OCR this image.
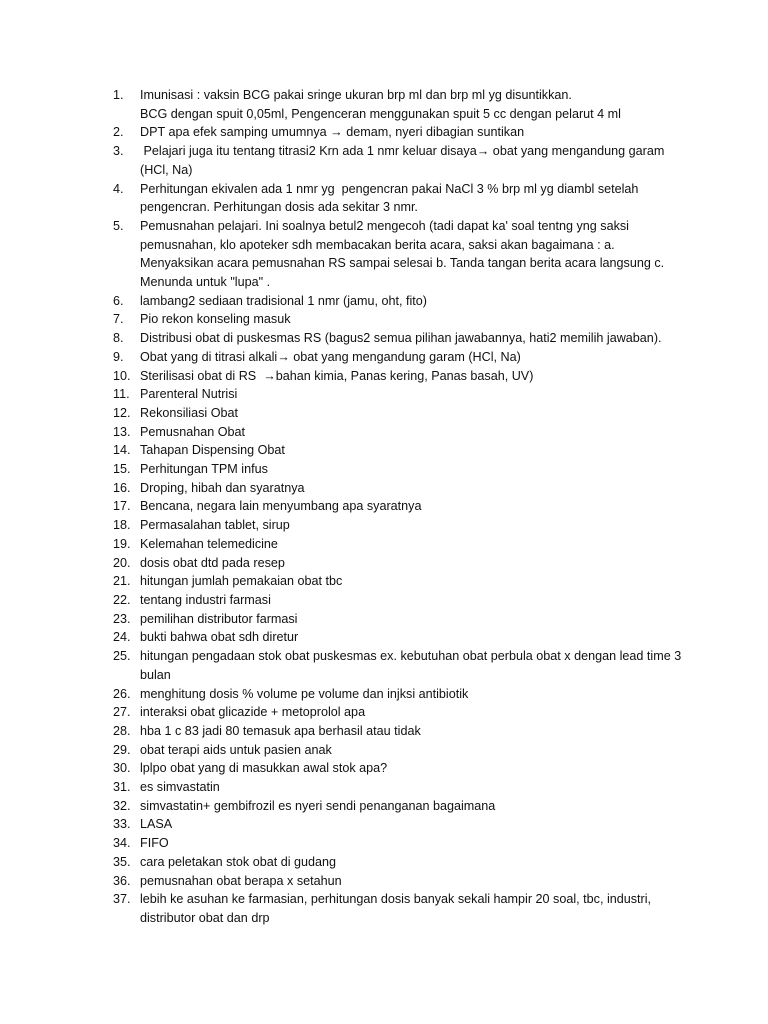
1.	Imunisasi : vaksin BCG pakai sringe ukuran brp ml dan brp ml yg disuntikkan.
BCG dengan spuit 0,05ml, Pengenceran menggunakan spuit 5 cc dengan pelarut 4 ml
2.	DPT apa efek samping umumnya → demam, nyeri dibagian suntikan
3.	Pelajari juga itu tentang titrasi2 Krn ada 1 nmr keluar disaya→ obat yang mengandung garam (HCl, Na)
4.	Perhitungan ekivalen ada 1 nmr yg  pengencran pakai NaCl 3 % brp ml yg diambl setelah pengencran. Perhitungan dosis ada sekitar 3 nmr.
5.	Pemusnahan pelajari. Ini soalnya betul2 mengecoh (tadi dapat ka' soal tentng yng saksi pemusnahan, klo apoteker sdh membacakan berita acara, saksi akan bagaimana : a. Menyaksikan acara pemusnahan RS sampai selesai b. Tanda tangan berita acara langsung c. Menunda untuk "lupa" .
6.	lambang2 sediaan tradisional 1 nmr (jamu, oht, fito)
7.	Pio rekon konseling masuk
8.	Distribusi obat di puskesmas RS (bagus2 semua pilihan jawabannya, hati2 memilih jawaban).
9.	Obat yang di titrasi alkali→ obat yang mengandung garam (HCl, Na)
10. Sterilisasi obat di RS  →bahan kimia, Panas kering, Panas basah, UV)
11. Parenteral Nutrisi
12. Rekonsiliasi Obat
13. Pemusnahan Obat
14. Tahapan Dispensing Obat
15. Perhitungan TPM infus
16. Droping, hibah dan syaratnya
17. Bencana, negara lain menyumbang apa syaratnya
18. Permasalahan tablet, sirup
19. Kelemahan telemedicine
20. dosis obat dtd pada resep
21. hitungan jumlah pemakaian obat tbc
22. tentang industri farmasi
23. pemilihan distributor farmasi
24. bukti bahwa obat sdh diretur
25. hitungan pengadaan stok obat puskesmas ex. kebutuhan obat perbula obat x dengan lead time 3  bulan
26. menghitung dosis % volume pe volume dan injksi antibiotik
27. interaksi obat glicazide + metoprolol apa
28. hba 1 c 83 jadi 80 temasuk apa berhasil atau tidak
29. obat terapi aids untuk pasien anak
30. lplpo obat yang di masukkan awal stok apa?
31. es simvastatin
32. simvastatin+ gembifrozil es nyeri sendi penanganan bagaimana
33. LASA
34. FIFO
35. cara peletakan stok obat di gudang
36. pemusnahan obat berapa x setahun
37. lebih ke asuhan ke farmasian, perhitungan dosis banyak sekali hampir 20 soal, tbc, industri, distributor obat dan drp
